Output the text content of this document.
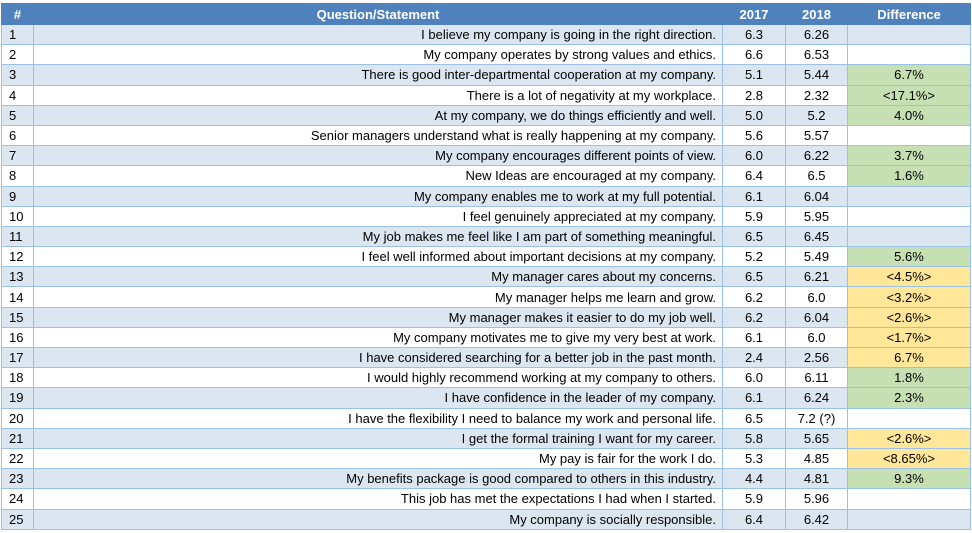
#	Question/Statement	2017	2018	Difference
1	I believe my company is going in the right direction.	6.3	6.26	
2	My company operates by strong values and ethics.	6.6	6.53	
3	There is good inter-departmental cooperation at my company.	5.1	5.44	6.7%
4	There is a lot of negativity at my workplace.	2.8	2.32	<17.1%>
5	At my company, we do things efficiently and well.	5.0	5.2	4.0%
6	Senior managers understand what is really happening at my company.	5.6	5.57	
7	My company encourages different points of view.	6.0	6.22	3.7%
8	New Ideas are encouraged at my company.	6.4	6.5	1.6%
9	My company enables me to work at my full potential.	6.1	6.04	
10	I feel genuinely appreciated at my company.	5.9	5.95	
11	My job makes me feel like I am part of something meaningful.	6.5	6.45	
12	I feel well informed about important decisions at my company.	5.2	5.49	5.6%
13	My manager cares about my concerns.	6.5	6.21	<4.5%>
14	My manager helps me learn and grow.	6.2	6.0	<3.2%>
15	My manager makes it easier to do my job well.	6.2	6.04	<2.6%>
16	My company motivates me to give my very best at work.	6.1	6.0	<1.7%>
17	I have considered searching for a better job in the past month.	2.4	2.56	6.7%
18	I would highly recommend working at my company to others.	6.0	6.11	1.8%
19	I have confidence in the leader of my company.	6.1	6.24	2.3%
20	I have the flexibility I need to balance my work and personal life.	6.5	7.2 (?)	
21	I get the formal training I want for my career.	5.8	5.65	<2.6%>
22	My pay is fair for the work I do.	5.3	4.85	<8.65%>
23	My benefits package is good compared to others in this industry.	4.4	4.81	9.3%
24	This job has met the expectations I had when I started.	5.9	5.96	
25	My company is socially responsible.	6.4	6.42	
